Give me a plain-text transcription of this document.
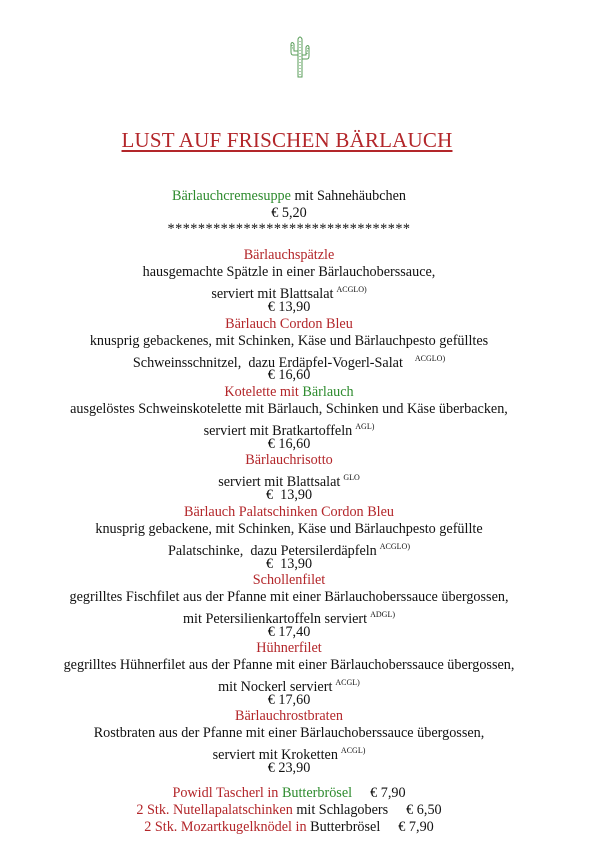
LUST AUF FRISCHEN BÄRLAUCH
Bärlauchcremesuppe mit Sahnehäubchen
€ 5,20
********************************
Bärlauchspätzle
hausgemachte Spätzle in einer Bärlauchoberssauce,
serviert mit Blattsalat $^{ACGLO)}$
€ 13,90
Bärlauch Cordon Bleu
knusprig gebackenes, mit Schinken, Käse und Bärlauchpesto gefülltes
Schweinsschnitzel,  dazu Erdäpfel-Vogerl-Salat $^{ACGLO)}$
€ 16,60
Kotelette mit Bärlauch
ausgelöstes Schweinskotelette mit Bärlauch, Schinken und Käse überbacken,
serviert mit Bratkartoffeln $^{AGL)}$
€ 16,60
Bärlauchrisotto
serviert mit Blattsalat $^{GLO}$
€  13,90
Bärlauch Palatschinken Cordon Bleu
knusprig gebackene, mit Schinken, Käse und Bärlauchpesto gefüllte
Palatschinke,  dazu Petersilerdäpfeln $^{ACGLO)}$
€  13,90
Schollenfilet
gegrilltes Fischfilet aus der Pfanne mit einer Bärlauchoberssauce übergossen,
mit Petersilienkartoffeln serviert $^{ADGL)}$
€ 17,40
Hühnerfilet
gegrilltes Hühnerfilet aus der Pfanne mit einer Bärlauchoberssauce übergossen,
mit Nockerl serviert $^{ACGL)}$
€ 17,60
Bärlauchrostbraten
Rostbraten aus der Pfanne mit einer Bärlauchoberssauce übergossen,
serviert mit Kroketten $^{ACGL)}$
€ 23,90
Powidl Tascherl in Butterbrösel € 7,90
2 Stk. Nutellapalatschinken mit Schlagobers € 6,50
2 Stk. Mozartkugelknödel in Butterbrösel € 7,90
